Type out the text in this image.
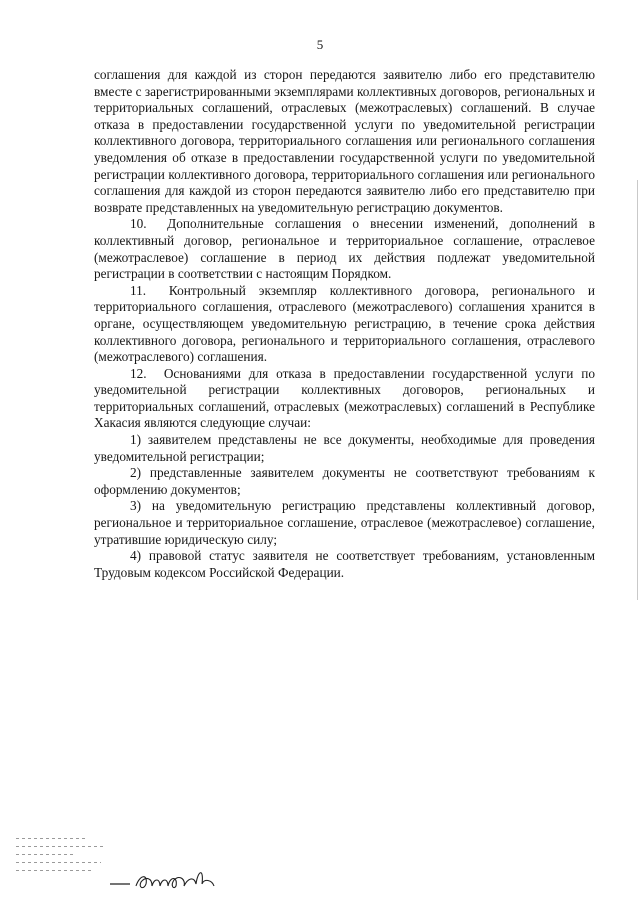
5

соглашения для каждой из сторон передаются заявителю либо его представителю вместе с зарегистрированными экземплярами коллективных договоров, региональных и территориальных соглашений, отраслевых (межотраслевых) соглашений. В случае отказа в предоставлении государственной услуги по уведомительной регистрации коллективного договора, территориального соглашения или регионального соглашения уведомления об отказе в предоставлении государственной услуги по уведомительной регистрации коллективного договора, территориального соглашения или регионального соглашения для каждой из сторон передаются заявителю либо его представителю при возврате представленных на уведомительную регистрацию документов.

10. Дополнительные соглашения о внесении изменений, дополнений в коллективный договор, региональное и территориальное соглашение, отраслевое (межотраслевое) соглашение в период их действия подлежат уведомительной регистрации в соответствии с настоящим Порядком.

11. Контрольный экземпляр коллективного договора, регионального и территориального соглашения, отраслевого (межотраслевого) соглашения хранится в органе, осуществляющем уведомительную регистрацию, в течение срока действия коллективного договора, регионального и территориального соглашения, отраслевого (межотраслевого) соглашения.

12. Основаниями для отказа в предоставлении государственной услуги по уведомительной регистрации коллективных договоров, региональных и территориальных соглашений, отраслевых (межотраслевых) соглашений в Республике Хакасия являются следующие случаи:

1) заявителем представлены не все документы, необходимые для проведения уведомительной регистрации;

2) представленные заявителем документы не соответствуют требованиям к оформлению документов;

3) на уведомительную регистрацию представлены коллективный договор, региональное и территориальное соглашение, отраслевое (межотраслевое) соглашение, утратившие юридическую силу;

4) правовой статус заявителя не соответствует требованиям, установленным Трудовым кодексом Российской Федерации.
